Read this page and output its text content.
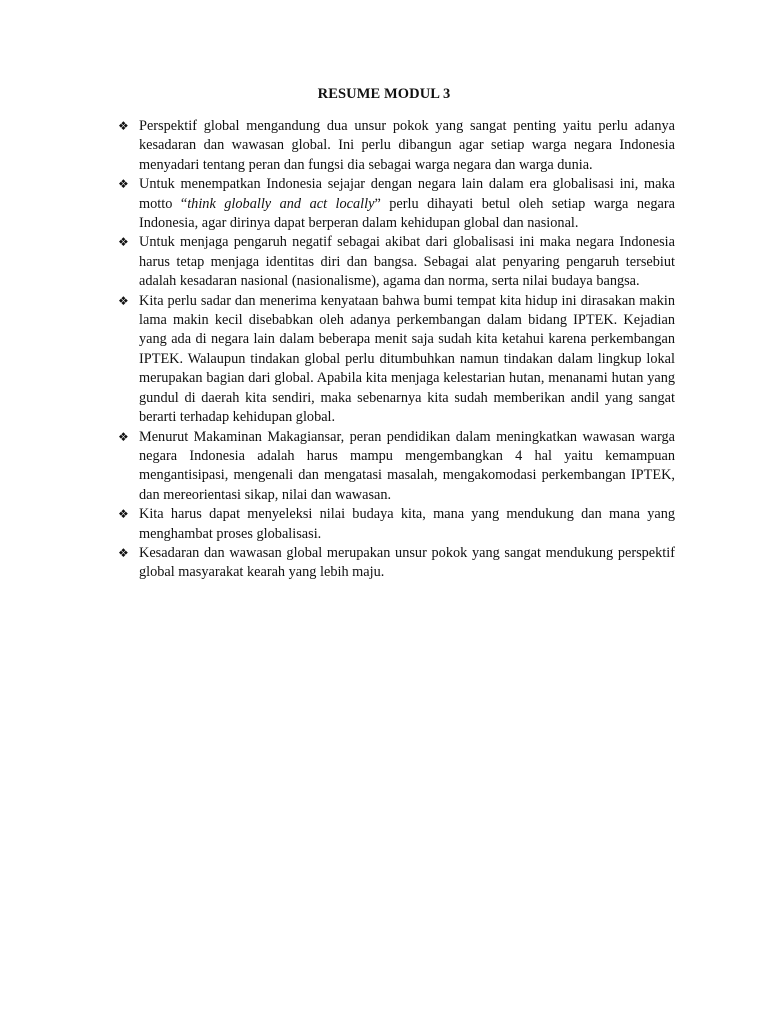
RESUME MODUL 3
❖ Perspektif global mengandung dua unsur pokok yang sangat penting yaitu perlu adanya kesadaran dan wawasan global. Ini perlu dibangun agar setiap warga negara Indonesia menyadari tentang peran dan fungsi dia sebagai warga negara dan warga dunia.
❖ Untuk menempatkan Indonesia sejajar dengan negara lain dalam era globalisasi ini, maka motto “think globally and act locally” perlu dihayati betul oleh setiap warga negara Indonesia, agar dirinya dapat berperan dalam kehidupan global dan nasional.
❖ Untuk menjaga pengaruh negatif sebagai akibat dari globalisasi ini maka negara Indonesia harus tetap menjaga identitas diri dan bangsa. Sebagai alat penyaring pengaruh tersebiut adalah kesadaran nasional (nasionalisme), agama dan norma, serta nilai budaya bangsa.
❖ Kita perlu sadar dan menerima kenyataan bahwa bumi tempat kita hidup ini dirasakan makin lama makin kecil disebabkan oleh adanya perkembangan dalam bidang IPTEK. Kejadian yang ada di negara lain dalam beberapa menit saja sudah kita ketahui karena perkembangan IPTEK. Walaupun tindakan global perlu ditumbuhkan namun tindakan dalam lingkup lokal merupakan bagian dari global. Apabila kita menjaga kelestarian hutan, menanami hutan yang gundul di daerah kita sendiri, maka sebenarnya kita sudah memberikan andil yang sangat berarti terhadap kehidupan global.
❖ Menurut Makaminan Makagiansar, peran pendidikan dalam meningkatkan wawasan warga negara Indonesia adalah harus mampu mengembangkan 4 hal yaitu kemampuan mengantisipasi, mengenali dan mengatasi masalah, mengakomodasi perkembangan IPTEK, dan mereorientasi sikap, nilai dan wawasan.
❖ Kita harus dapat menyeleksi nilai budaya kita, mana yang mendukung dan mana yang menghambat proses globalisasi.
❖ Kesadaran dan wawasan global merupakan unsur pokok yang sangat mendukung perspektif global masyarakat kearah yang lebih maju.
